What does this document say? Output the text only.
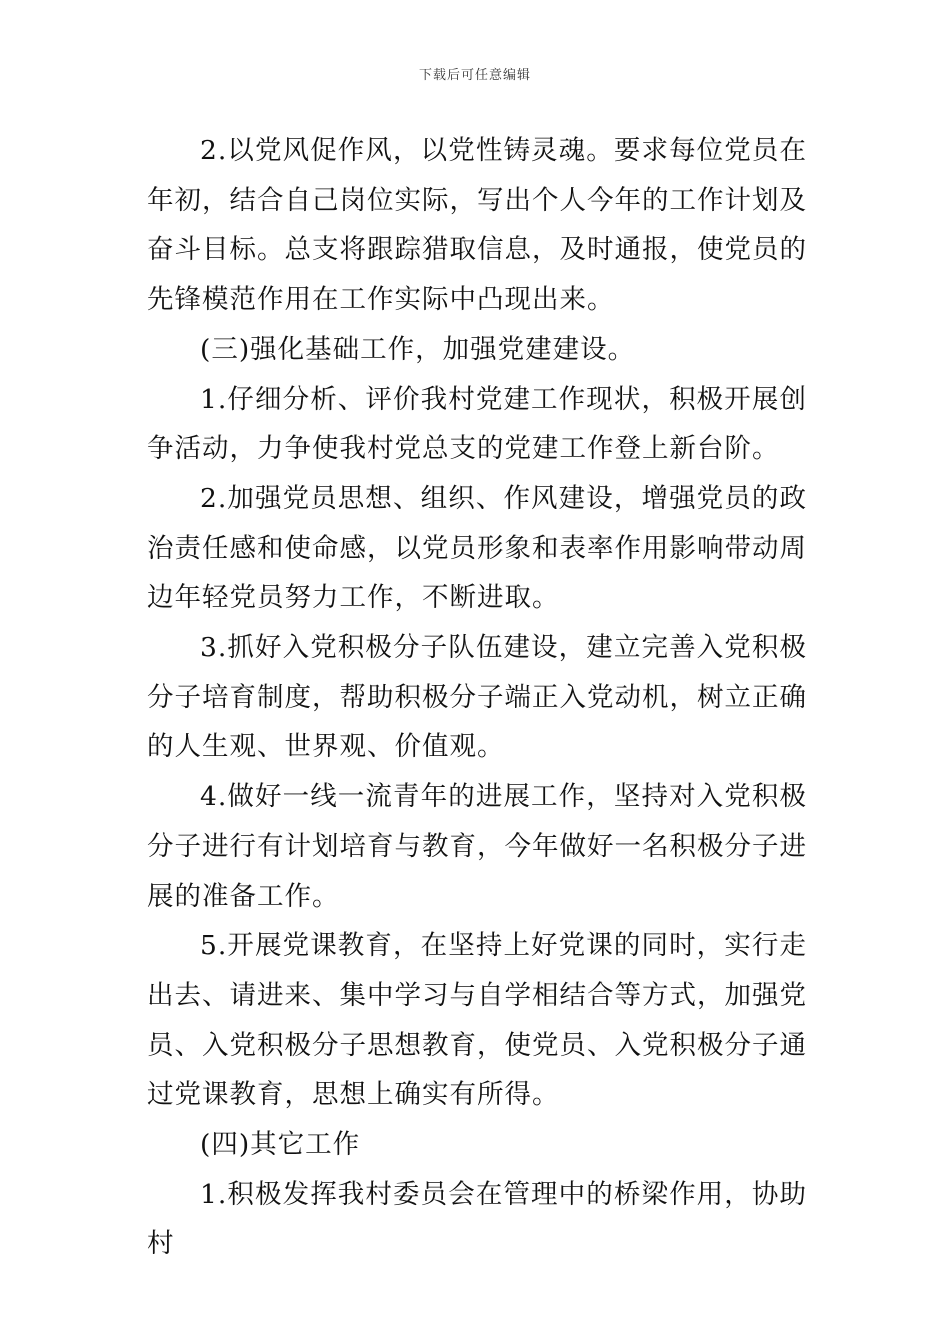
下载后可任意编辑

2.以党风促作风，以党性铸灵魂。要求每位党员在年初，结合自己岗位实际，写出个人今年的工作计划及奋斗目标。总支将跟踪猎取信息，及时通报，使党员的先锋模范作用在工作实际中凸现出来。

(三)强化基础工作，加强党建建设。

1.仔细分析、评价我村党建工作现状，积极开展创争活动，力争使我村党总支的党建工作登上新台阶。

2.加强党员思想、组织、作风建设，增强党员的政治责任感和使命感，以党员形象和表率作用影响带动周边年轻党员努力工作，不断进取。

3.抓好入党积极分子队伍建设，建立完善入党积极分子培育制度，帮助积极分子端正入党动机，树立正确的人生观、世界观、价值观。

4.做好一线一流青年的进展工作，坚持对入党积极分子进行有计划培育与教育，今年做好一名积极分子进展的准备工作。

5.开展党课教育，在坚持上好党课的同时，实行走出去、请进来、集中学习与自学相结合等方式，加强党员、入党积极分子思想教育，使党员、入党积极分子通过党课教育，思想上确实有所得。

(四)其它工作

1.积极发挥我村委员会在管理中的桥梁作用，协助村
